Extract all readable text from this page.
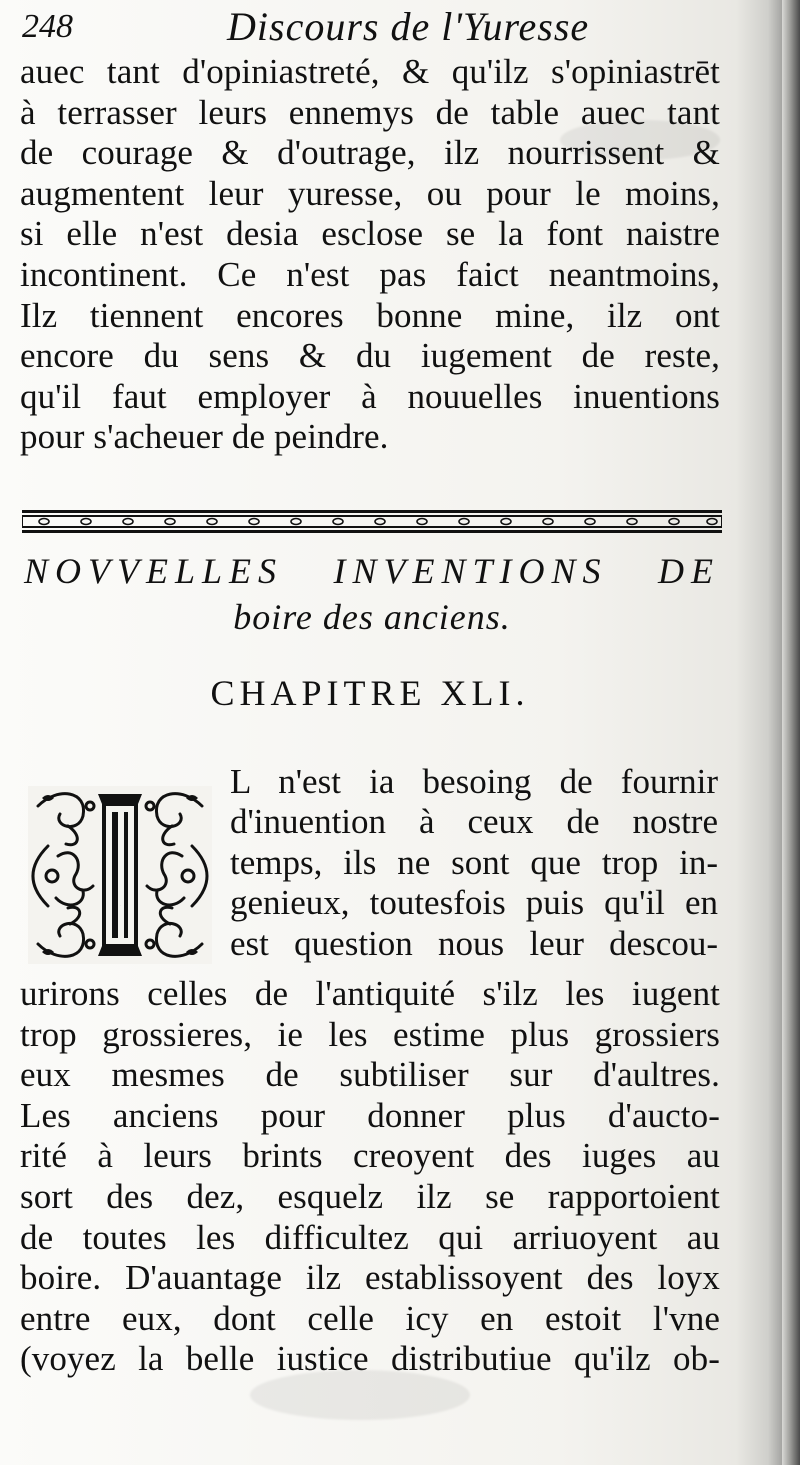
248	Discours de l'Yuresse
auec tant d'opiniastreté, & qu'ilz s'opiniastrēt
à terrasser leurs ennemys de table auec tant
de courage & d'outrage, ilz nourrissent &
augmentent leur yuresse, ou pour le moins,
si elle n'est desia esclose se la font naistre
incontinent. Ce n'est pas faict neantmoins,
Ilz tiennent encores bonne mine, ilz ont
encore du sens & du iugement de reste,
qu'il faut employer à nouuelles inuentions
pour s'acheuer de peindre.
NOVVELLES INVENTIONS DE
boire des anciens.
CHAPITRE XLI.
I
L n'est ia besoing de fournir
d'inuention à ceux de nostre
temps, ils ne sont que trop in-
genieux, toutesfois puis qu'il en
est question nous leur descou-
urirons celles de l'antiquité s'ilz les iugent
trop grossieres, ie les estime plus grossiers
eux mesmes de subtiliser sur d'aultres.
Les anciens pour donner plus d'aucto-
rité à leurs brints creoyent des iuges au
sort des dez, esquelz ilz se rapportoient
de toutes les difficultez qui arriuoyent au
boire. D'auantage ilz establissoyent des loyx
entre eux, dont celle icy en estoit l'vne
(voyez la belle iustice distributiue qu'ilz ob-
